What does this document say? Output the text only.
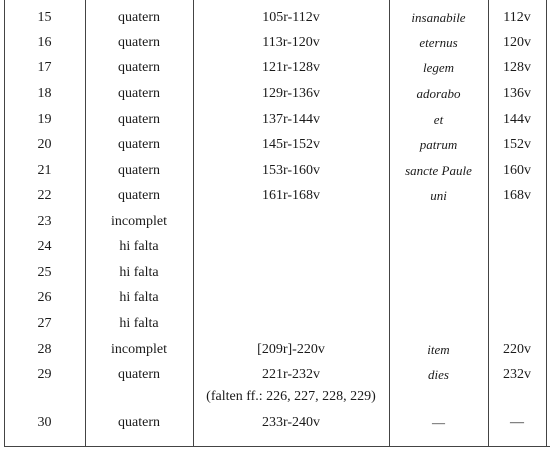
15	quatern	105r-112v	insanabile	112v
16	quatern	113r-120v	eternus	120v
17	quatern	121r-128v	legem	128v
18	quatern	129r-136v	adorabo	136v
19	quatern	137r-144v	et	144v
20	quatern	145r-152v	patrum	152v
21	quatern	153r-160v	sancte Paule	160v
22	quatern	161r-168v	uni	168v
23	incomplet
24	hi falta
25	hi falta
26	hi falta
27	hi falta
28	incomplet	[209r]-220v	item	220v
29	quatern	221r-232v	dies	232v
(falten ff.: 226, 227, 228, 229)
30	quatern	233r-240v	—	—
